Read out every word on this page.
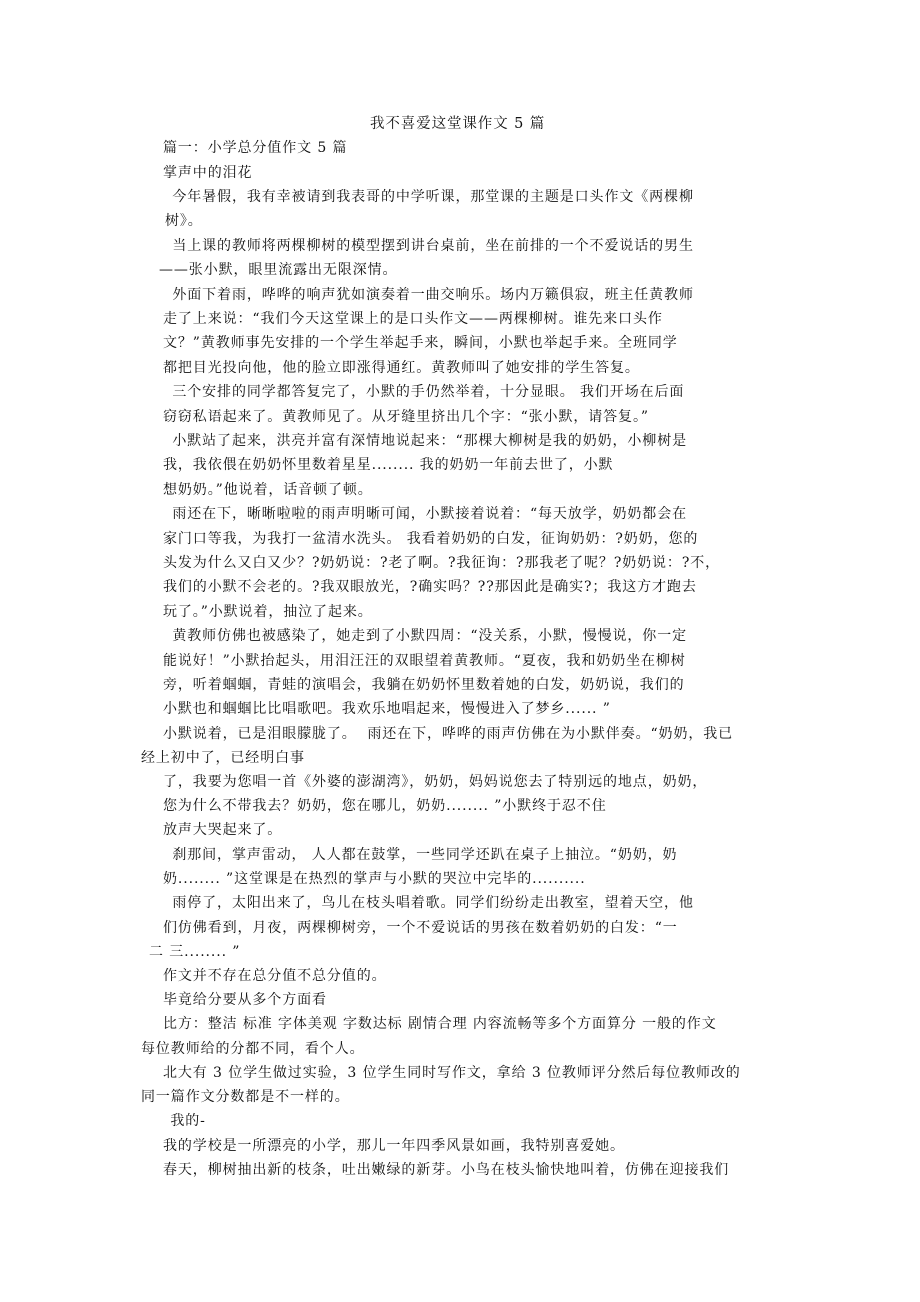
我不喜爱这堂课作文 5 篇
篇一：小学总分值作文 5 篇
掌声中的泪花
今年暑假，我有幸被请到我表哥的中学听课，那堂课的主题是口头作文《两棵柳
树》。
当上课的教师将两棵柳树的模型摆到讲台桌前，坐在前排的一个不爱说话的男生
——张小默，眼里流露出无限深情。
外面下着雨，哗哗的响声犹如演奏着一曲交响乐。场内万籁俱寂，班主任黄教师
走了上来说：“我们今天这堂课上的是口头作文——两棵柳树。谁先来口头作
文？”黄教师事先安排的一个学生举起手来，瞬间，小默也举起手来。全班同学
都把目光投向他，他的脸立即涨得通红。黄教师叫了她安排的学生答复。
三个安排的同学都答复完了，小默的手仍然举着，十分显眼。 我们开场在后面
窃窃私语起来了。黄教师见了。从牙缝里挤出几个字：“张小默，请答复。”
小默站了起来，洪亮并富有深情地说起来：“那棵大柳树是我的奶奶，小柳树是
我，我依偎在奶奶怀里数着星星........ 我的奶奶一年前去世了，小默
想奶奶。”他说着，话音顿了顿。
雨还在下，晰晰啦啦的雨声明晰可闻，小默接着说着：“每天放学，奶奶都会在
家门口等我，为我打一盆清水洗头。 我看着奶奶的白发，征询奶奶：?奶奶，您的
头发为什么又白又少？?奶奶说：?老了啊。?我征询：?那我老了呢？?奶奶说：?不，
我们的小默不会老的。?我双眼放光，?确实吗？??那因此是确实?；我这方才跑去
玩了。”小默说着，抽泣了起来。
黄教师仿佛也被感染了，她走到了小默四周：“没关系，小默，慢慢说，你一定
能说好！”小默抬起头，用泪汪汪的双眼望着黄教师。“夏夜，我和奶奶坐在柳树
旁，听着蝈蝈，青蛙的演唱会，我躺在奶奶怀里数着她的白发，奶奶说，我们的
小默也和蝈蝈比比唱歌吧。我欢乐地唱起来，慢慢进入了梦乡...... ”
小默说着，已是泪眼朦胧了。  雨还在下，哗哗的雨声仿佛在为小默伴奏。“奶奶，我已
经上初中了，已经明白事
了，我要为您唱一首《外婆的澎湖湾》，奶奶，妈妈说您去了特别远的地点，奶奶，
您为什么不带我去？奶奶，您在哪儿，奶奶........ ”小默终于忍不住
放声大哭起来了。
刹那间，掌声雷动， 人人都在鼓掌，一些同学还趴在桌子上抽泣。“奶奶，奶
奶........ ”这堂课是在热烈的掌声与小默的哭泣中完毕的..........
雨停了，太阳出来了，鸟儿在枝头唱着歌。同学们纷纷走出教室，望着天空，他
们仿佛看到，月夜，两棵柳树旁，一个不爱说话的男孩在数着奶奶的白发：“一
二 三........ ”
作文并不存在总分值不总分值的。
毕竟给分要从多个方面看
比方：整洁 标准 字体美观 字数达标 剧情合理 内容流畅等多个方面算分 一般的作文
每位教师给的分都不同，看个人。
北大有 3 位学生做过实验，3 位学生同时写作文，拿给 3 位教师评分然后每位教师改的
同一篇作文分数都是不一样的。
我的-
我的学校是一所漂亮的小学，那儿一年四季风景如画，我特别喜爱她。
春天，柳树抽出新的枝条，吐出嫩绿的新芽。小鸟在枝头愉快地叫着，仿佛在迎接我们
